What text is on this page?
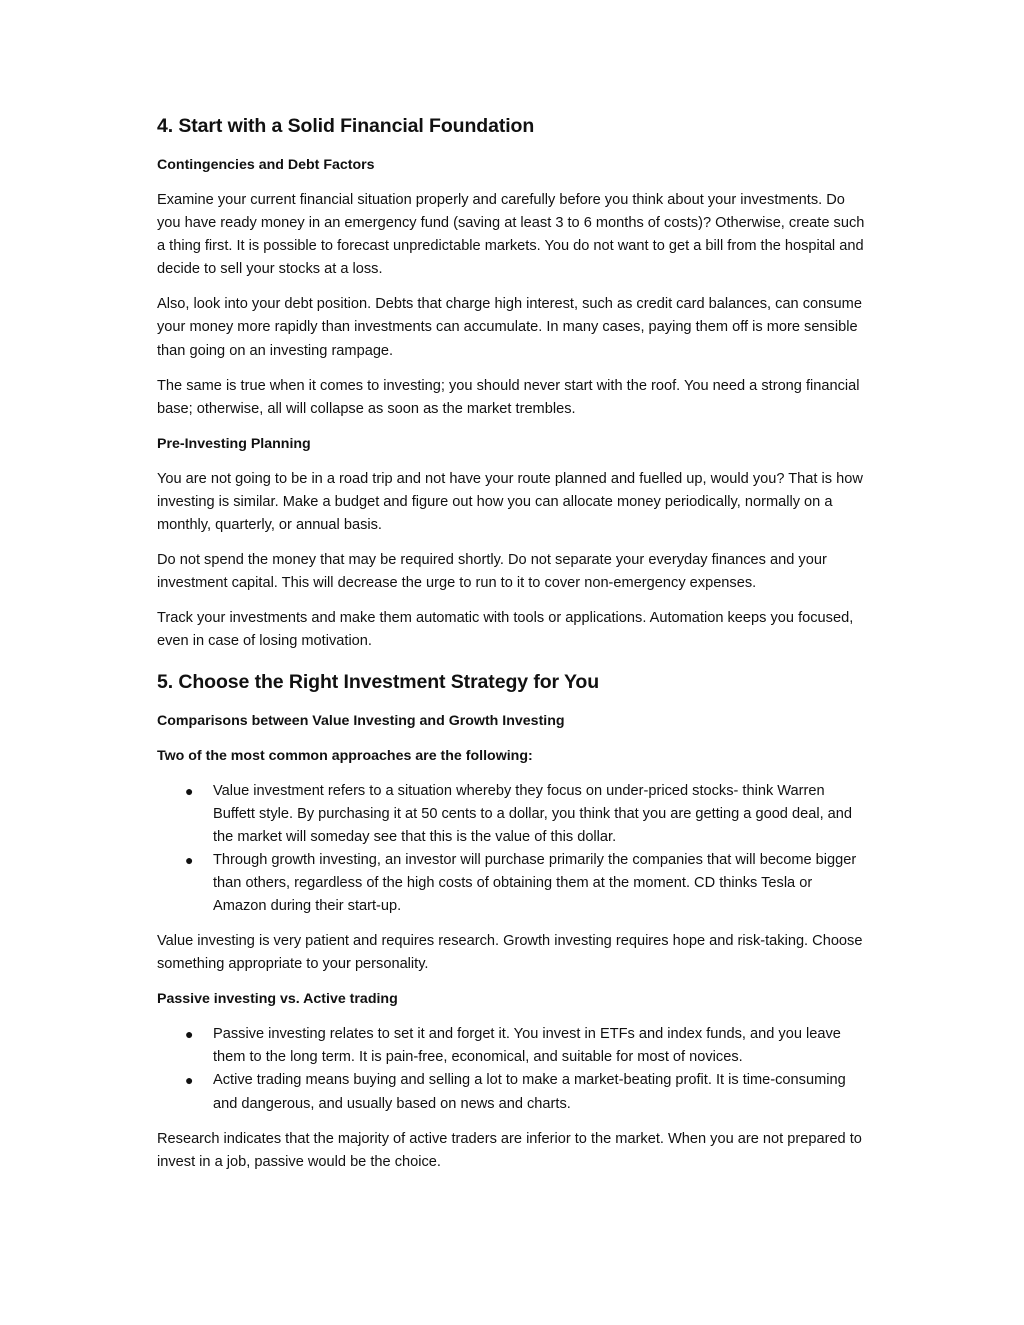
4. Start with a Solid Financial Foundation
Contingencies and Debt Factors

Examine your current financial situation properly and carefully before you think about your investments. Do you have ready money in an emergency fund (saving at least 3 to 6 months of costs)? Otherwise, create such a thing first. It is possible to forecast unpredictable markets. You do not want to get a bill from the hospital and decide to sell your stocks at a loss.

Also, look into your debt position. Debts that charge high interest, such as credit card balances, can consume your money more rapidly than investments can accumulate. In many cases, paying them off is more sensible than going on an investing rampage.

The same is true when it comes to investing; you should never start with the roof. You need a strong financial base; otherwise, all will collapse as soon as the market trembles.

Pre-Investing Planning

You are not going to be in a road trip and not have your route planned and fuelled up, would you? That is how investing is similar. Make a budget and figure out how you can allocate money periodically, normally on a monthly, quarterly, or annual basis.

Do not spend the money that may be required shortly. Do not separate your everyday finances and your investment capital. This will decrease the urge to run to it to cover non-emergency expenses.

Track your investments and make them automatic with tools or applications. Automation keeps you focused, even in case of losing motivation.

5. Choose the Right Investment Strategy for You
Comparisons between Value Investing and Growth Investing
Two of the most common approaches are the following:
● Value investment refers to a situation whereby they focus on under-priced stocks- think Warren Buffett style. By purchasing it at 50 cents to a dollar, you think that you are getting a good deal, and the market will someday see that this is the value of this dollar.
● Through growth investing, an investor will purchase primarily the companies that will become bigger than others, regardless of the high costs of obtaining them at the moment. CD thinks Tesla or Amazon during their start-up.

Value investing is very patient and requires research. Growth investing requires hope and risk-taking. Choose something appropriate to your personality.

Passive investing vs. Active trading
● Passive investing relates to set it and forget it. You invest in ETFs and index funds, and you leave them to the long term. It is pain-free, economical, and suitable for most of novices.
● Active trading means buying and selling a lot to make a market-beating profit. It is time-consuming and dangerous, and usually based on news and charts.

Research indicates that the majority of active traders are inferior to the market. When you are not prepared to invest in a job, passive would be the choice.
